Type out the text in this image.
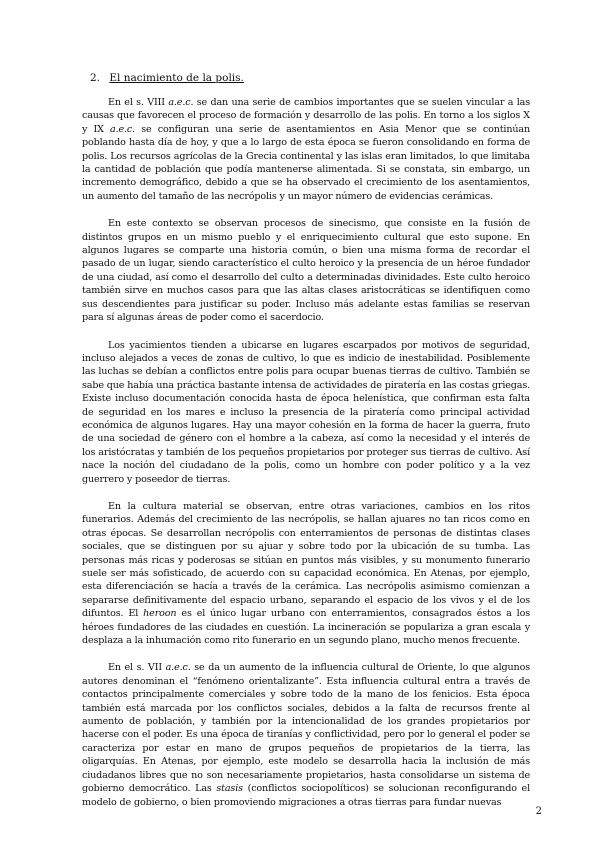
2. El nacimiento de la polis.

En el s. VIII a.e.c. se dan una serie de cambios importantes que se suelen vincular a las causas que favorecen el proceso de formación y desarrollo de las polis. En torno a los siglos X y IX a.e.c. se configuran una serie de asentamientos en Asia Menor que se continúan poblando hasta día de hoy, y que a lo largo de esta época se fueron consolidando en forma de polis. Los recursos agrícolas de la Grecia continental y las islas eran limitados, lo que limitaba la cantidad de población que podía mantenerse alimentada. Si se constata, sin embargo, un incremento demográfico, debido a que se ha observado el crecimiento de los asentamientos, un aumento del tamaño de las necrópolis y un mayor número de evidencias cerámicas.

En este contexto se observan procesos de sinecismo, que consiste en la fusión de distintos grupos en un mismo pueblo y el enriquecimiento cultural que esto supone. En algunos lugares se comparte una historia común, o bien una misma forma de recordar el pasado de un lugar, siendo característico el culto heroico y la presencia de un héroe fundador de una ciudad, así como el desarrollo del culto a determinadas divinidades. Este culto heroico también sirve en muchos casos para que las altas clases aristocráticas se identifiquen como sus descendientes para justificar su poder. Incluso más adelante estas familias se reservan para sí algunas áreas de poder como el sacerdocio.

Los yacimientos tienden a ubicarse en lugares escarpados por motivos de seguridad, incluso alejados a veces de zonas de cultivo, lo que es indicio de inestabilidad. Posiblemente las luchas se debían a conflictos entre polis para ocupar buenas tierras de cultivo. También se sabe que había una práctica bastante intensa de actividades de piratería en las costas griegas. Existe incluso documentación conocida hasta de época helenística, que confirman esta falta de seguridad en los mares e incluso la presencia de la piratería como principal actividad económica de algunos lugares. Hay una mayor cohesión en la forma de hacer la guerra, fruto de una sociedad de género con el hombre a la cabeza, así como la necesidad y el interés de los aristócratas y también de los pequeños propietarios por proteger sus tierras de cultivo. Así nace la noción del ciudadano de la polis, como un hombre con poder político y a la vez guerrero y poseedor de tierras.

En la cultura material se observan, entre otras variaciones, cambios en los ritos funerarios. Además del crecimiento de las necrópolis, se hallan ajuares no tan ricos como en otras épocas. Se desarrollan necrópolis con enterramientos de personas de distintas clases sociales, que se distinguen por su ajuar y sobre todo por la ubicación de su tumba. Las personas más ricas y poderosas se sitúan en puntos más visibles, y su monumento funerario suele ser más sofisticado, de acuerdo con su capacidad económica. En Atenas, por ejemplo, esta diferenciación se hacía a través de la cerámica. Las necrópolis asimismo comienzan a separarse definitivamente del espacio urbano, separando el espacio de los vivos y el de los difuntos. El heroon es el único lugar urbano con enterramientos, consagrados éstos a los héroes fundadores de las ciudades en cuestión. La incineración se populariza a gran escala y desplaza a la inhumación como rito funerario en un segundo plano, mucho menos frecuente.

En el s. VII a.e.c. se da un aumento de la influencia cultural de Oriente, lo que algunos autores denominan el “fenómeno orientalizante”. Esta influencia cultural entra a través de contactos principalmente comerciales y sobre todo de la mano de los fenicios. Esta época también está marcada por los conflictos sociales, debidos a la falta de recursos frente al aumento de población, y también por la intencionalidad de los grandes propietarios por hacerse con el poder. Es una época de tiranías y conflictividad, pero por lo general el poder se caracteriza por estar en mano de grupos pequeños de propietarios de la tierra, las oligarquías. En Atenas, por ejemplo, este modelo se desarrolla hacia la inclusión de más ciudadanos libres que no son necesariamente propietarios, hasta consolidarse un sistema de gobierno democrático. Las stasis (conflictos sociopolíticos) se solucionan reconfigurando el modelo de gobierno, o bien promoviendo migraciones a otras tierras para fundar nuevas

2
